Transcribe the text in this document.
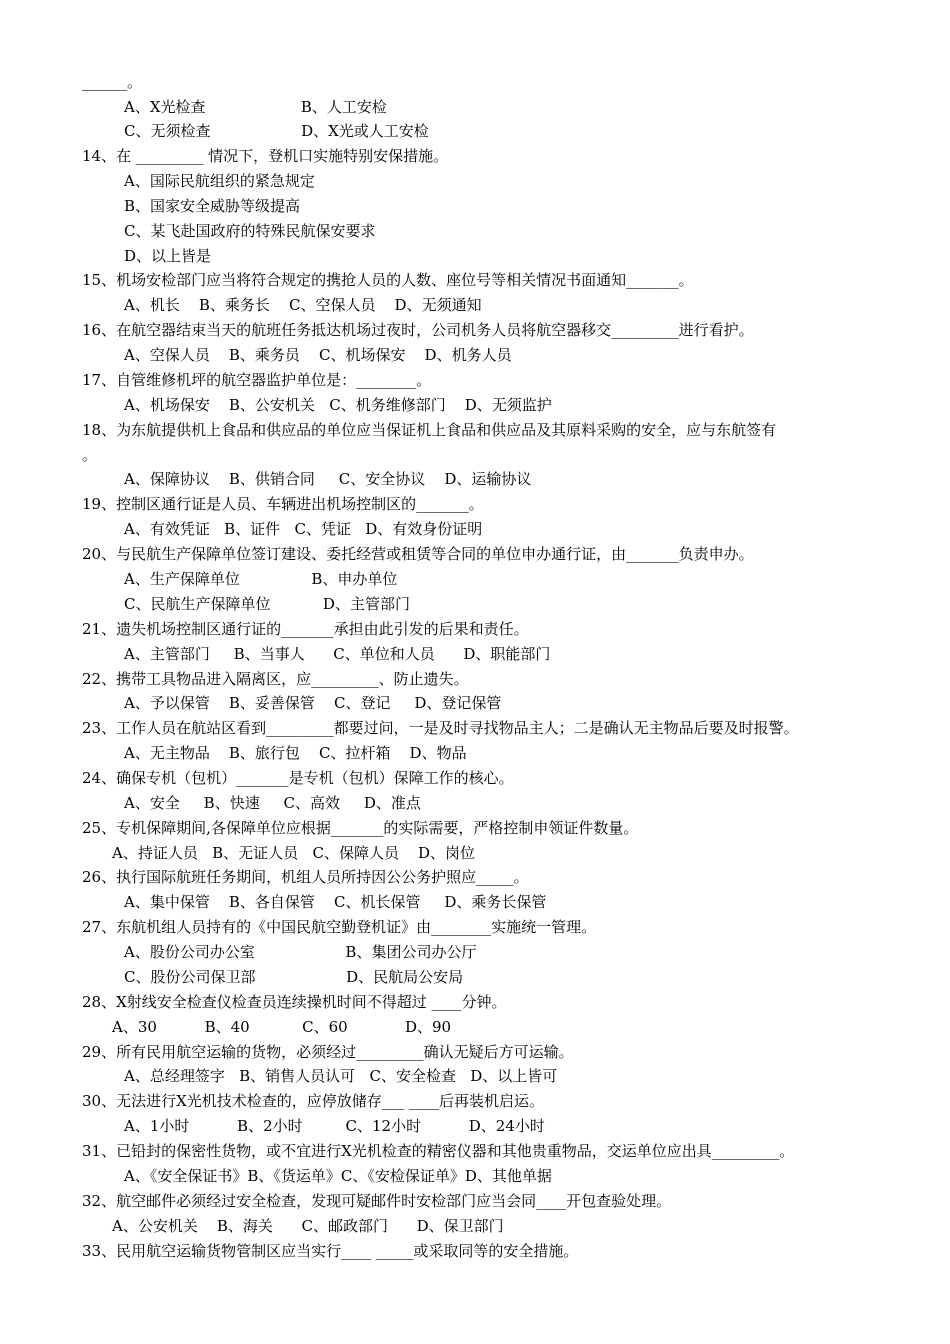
______。
A、X光检查                    B、人工安检
C、无须检查                   D、X光或人工安检
14、在 _________ 情况下，登机口实施特别安保措施。
A、国际民航组织的紧急规定
B、国家安全威胁等级提高
C、某飞赴国政府的特殊民航保安要求
D、以上皆是
15、机场安检部门应当将符合规定的携抢人员的人数、座位号等相关情况书面通知_______。
A、机长    B、乘务长    C、空保人员    D、无须通知
16、在航空器结束当天的航班任务抵达机场过夜时，公司机务人员将航空器移交_________进行看护。
A、空保人员    B、乘务员    C、机场保安    D、机务人员
17、自管维修机坪的航空器监护单位是：________。
A、机场保安    B、公安机关   C、机务维修部门    D、无须监护
18、为东航提供机上食品和供应品的单位应当保证机上食品和供应品及其原料采购的安全，应与东航签有
。
A、保障协议    B、供销合同     C、安全协议    D、运输协议
19、控制区通行证是人员、车辆进出机场控制区的_______。
A、有效凭证   B、证件   C、凭证   D、有效身份证明
20、与民航生产保障单位签订建设、委托经营或租赁等合同的单位申办通行证，由_______负责申办。
A、生产保障单位               B、申办单位
C、民航生产保障单位           D、主管部门
21、遗失机场控制区通行证的_______承担由此引发的后果和责任。
A、主管部门     B、当事人      C、单位和人员      D、职能部门
22、携带工具物品进入隔离区，应_________、防止遗失。
A、予以保管    B、妥善保管    C、登记     D、登记保管
23、工作人员在航站区看到_________都要过问，一是及时寻找物品主人；二是确认无主物品后要及时报警。
A、无主物品    B、旅行包    C、拉杆箱    D、物品
24、确保专机（包机）_______是专机（包机）保障工作的核心。
A、安全     B、快速     C、高效     D、准点
25、专机保障期间,各保障单位应根据_______的实际需要，严格控制申领证件数量。
A、持证人员   B、无证人员   C、保障人员    D、岗位
26、执行国际航班任务期间，机组人员所持因公公务护照应_____。
A、集中保管    B、各自保管    C、机长保管     D、乘务长保管
27、东航机组人员持有的《中国民航空勤登机证》由________实施统一管理。
A、股份公司办公室                   B、集团公司办公厅
C、股份公司保卫部                   D、民航局公安局
28、X射线安全检查仪检查员连续操机时间不得超过 ____分钟。
A、30          B、40           C、60            D、90
29、所有民用航空运输的货物，必须经过_________确认无疑后方可运输。
A、总经理签字   B、销售人员认可   C、安全检查   D、以上皆可
30、无法进行X光机技术检查的，应停放储存___ ____后再装机启运。
A、1小时          B、2小时         C、12小时          D、24小时
31、已铅封的保密性货物，或不宜进行X光机检查的精密仪器和其他贵重物品，交运单位应出具_________。
A、《安全保证书》B、《货运单》C、《安检保证单》D、其他单据
32、航空邮件必须经过安全检查，发现可疑邮件时安检部门应当会同____开包查验处理。
A、公安机关    B、海关      C、邮政部门      D、保卫部门
33、民用航空运输货物管制区应当实行____ _____或采取同等的安全措施。
